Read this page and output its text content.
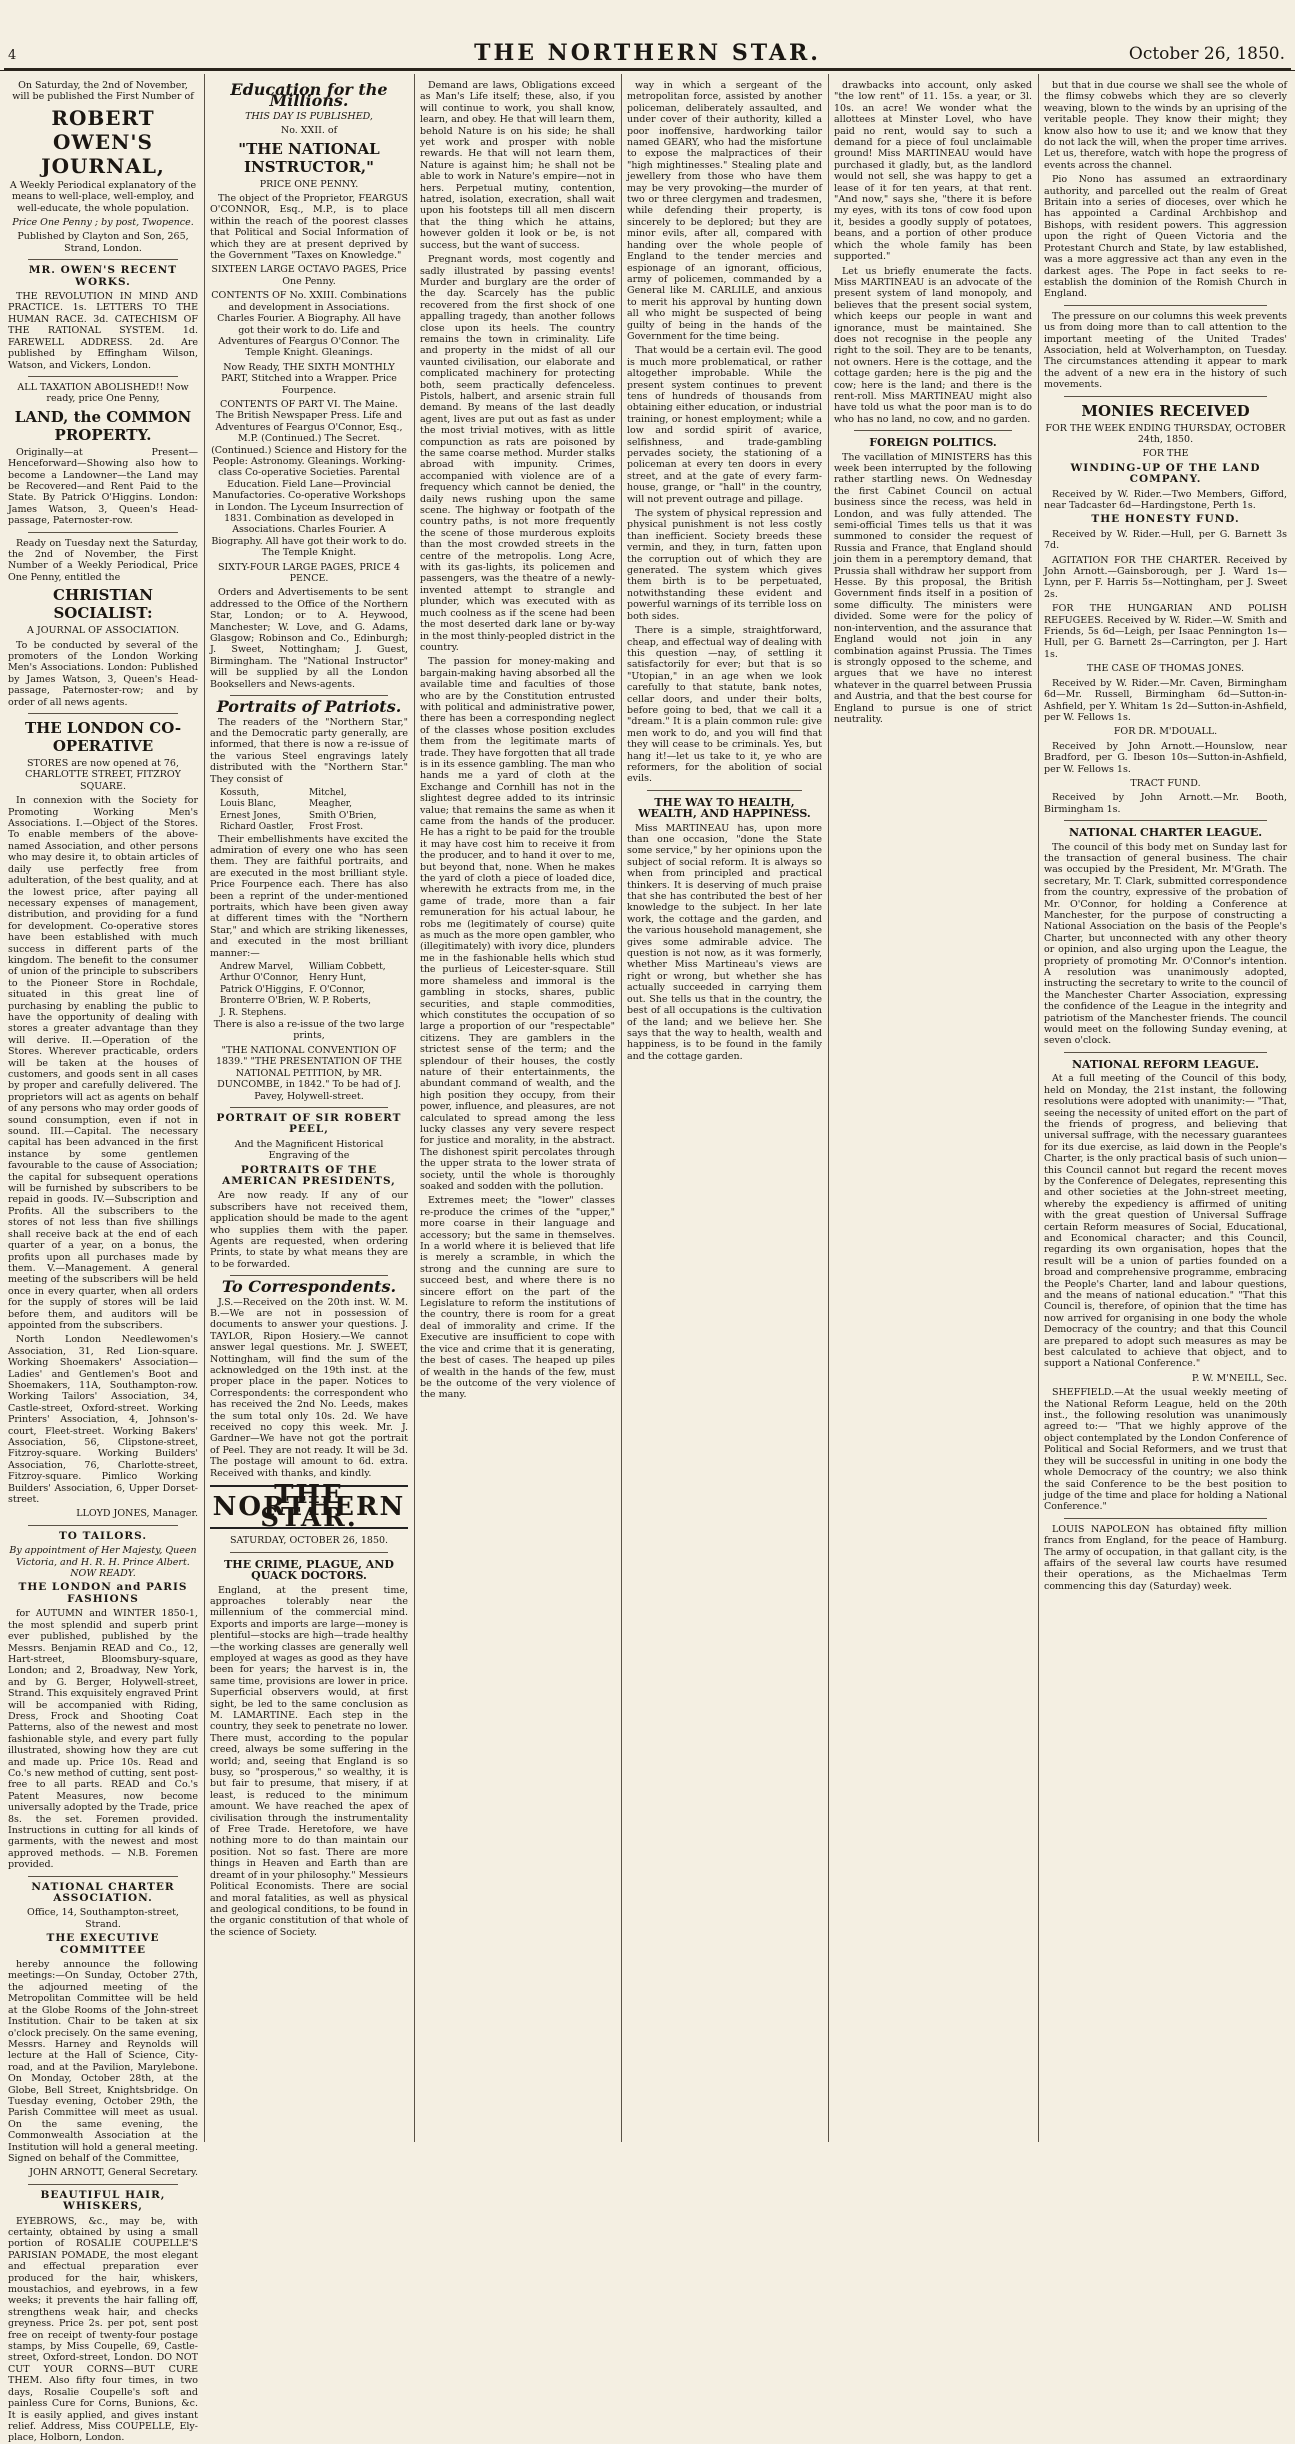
4	THE NORTHERN STAR.	October 26, 1850.

On Saturday, the 2nd of November, will be published the First Number of

ROBERT OWEN'S JOURNAL,

A Weekly Periodical explanatory of the means to well-place, well-employ, and well-educate, the whole population.

Price One Penny ; by post, Twopence.

Published by Clayton and Son, 265, Strand, London.

MR. OWEN'S RECENT WORKS.

THE REVOLUTION IN MIND AND PRACTICE. 1s. LETTERS TO THE HUMAN RACE. 3d. CATECHISM OF THE RATIONAL SYSTEM. 1d. FAREWELL ADDRESS. 2d. Are published by Effingham Wilson, Watson, and Vickers, London.

ALL TAXATION ABOLISHED!! Now ready, price One Penny,

LAND, the COMMON PROPERTY.

Originally—at Present—Henceforward—Showing also how to become a Landowner—the Land may be Recovered—and Rent Paid to the State. By Patrick O'Higgins. London: James Watson, 3, Queen's Head-passage, Paternoster-row.

Ready on Tuesday next the Saturday, the 2nd of November, the First Number of a Weekly Periodical, Price One Penny, entitled the

CHRISTIAN SOCIALIST:

A JOURNAL OF ASSOCIATION.

To be conducted by several of the promoters of the London Working Men's Associations. London: Published by James Watson, 3, Queen's Head-passage, Paternoster-row; and by order of all news agents.

THE LONDON CO-OPERATIVE

STORES are now opened at 76, CHARLOTTE STREET, FITZROY SQUARE.

In connexion with the Society for Promoting Working Men's Associations. I.—Object of the Stores. To enable members of the above-named Association, and other persons who may desire it, to obtain articles of daily use perfectly free from adulteration, of the best quality, and at the lowest price, after paying all necessary expenses of management, distribution, and providing for a fund for development. Co-operative stores have been established with much success in different parts of the kingdom. The benefit to the consumer of union of the principle to subscribers to the Pioneer Store in Rochdale, situated in this great line of purchasing by enabling the public to have the opportunity of dealing with stores a greater advantage than they will derive. II.—Operation of the Stores. Wherever practicable, orders will be taken at the houses of customers, and goods sent in all cases by proper and carefully delivered. The proprietors will act as agents on behalf of any persons who may order goods of sound consumption, even if not in sound. III.—Capital. The necessary capital has been advanced in the first instance by some gentlemen favourable to the cause of Association; the capital for subsequent operations will be furnished by subscribers to be repaid in goods. IV.—Subscription and Profits. All the subscribers to the stores of not less than five shillings shall receive back at the end of each quarter of a year, on a bonus, the profits upon all purchases made by them. V.—Management. A general meeting of the subscribers will be held once in every quarter, when all orders for the supply of stores will be laid before them, and auditors will be appointed from the subscribers.

North London Needlewomen's Association, 31, Red Lion-square. Working Shoemakers' Association—Ladies' and Gentlemen's Boot and Shoemakers, 11A, Southampton-row. Working Tailors' Association, 34, Castle-street, Oxford-street. Working Printers' Association, 4, Johnson's-court, Fleet-street. Working Bakers' Association, 56, Clipstone-street, Fitzroy-square. Working Builders' Association, 76, Charlotte-street, Fitzroy-square. Pimlico Working Builders' Association, 6, Upper Dorset-street.

LLOYD JONES, Manager.

TO TAILORS.

By appointment of Her Majesty, Queen Victoria, and H. R. H. Prince Albert. NOW READY.

THE LONDON and PARIS FASHIONS

for AUTUMN and WINTER 1850-1, the most splendid and superb print ever published, published by the Messrs. Benjamin READ and Co., 12, Hart-street, Bloomsbury-square, London; and 2, Broadway, New York, and by G. Berger, Holywell-street, Strand. This exquisitely engraved Print will be accompanied with Riding, Dress, Frock and Shooting Coat Patterns, also of the newest and most fashionable style, and every part fully illustrated, showing how they are cut and made up. Price 10s. Read and Co.'s new method of cutting, sent post-free to all parts. READ and Co.'s Patent Measures, now become universally adopted by the Trade, price 8s. the set. Foremen provided. Instructions in cutting for all kinds of garments, with the newest and most approved methods. — N.B. Foremen provided.

NATIONAL CHARTER ASSOCIATION.

Office, 14, Southampton-street, Strand.

THE EXECUTIVE COMMITTEE

hereby announce the following meetings:—On Sunday, October 27th, the adjourned meeting of the Metropolitan Committee will be held at the Globe Rooms of the John-street Institution. Chair to be taken at six o'clock precisely. On the same evening, Messrs. Harney and Reynolds will lecture at the Hall of Science, City-road, and at the Pavilion, Marylebone. On Monday, October 28th, at the Globe, Bell Street, Knightsbridge. On Tuesday evening, October 29th, the Parish Committee will meet as usual. On the same evening, the Commonwealth Association at the Institution will hold a general meeting. Signed on behalf of the Committee,

JOHN ARNOTT, General Secretary.

BEAUTIFUL HAIR, WHISKERS,

EYEBROWS, &c., may be, with certainty, obtained by using a small portion of ROSALIE COUPELLE'S PARISIAN POMADE, the most elegant and effectual preparation ever produced for the hair, whiskers, moustachios, and eyebrows, in a few weeks; it prevents the hair falling off, strengthens weak hair, and checks greyness. Price 2s. per pot, sent post free on receipt of twenty-four postage stamps, by Miss Coupelle, 69, Castle-street, Oxford-street, London. DO NOT CUT YOUR CORNS—BUT CURE THEM. Also fifty four times, in two days, Rosalie Coupelle's soft and painless Cure for Corns, Bunions, &c. It is easily applied, and gives instant relief. Address, Miss COUPELLE, Ely-place, Holborn, London.

Education for the Millions.

THIS DAY IS PUBLISHED,

No. XXII. of

"THE NATIONAL INSTRUCTOR,"

PRICE ONE PENNY.

The object of the Proprietor, FEARGUS O'CONNOR, Esq., M.P., is to place within the reach of the poorest classes that Political and Social Information of which they are at present deprived by the Government "Taxes on Knowledge."

SIXTEEN LARGE OCTAVO PAGES, Price One Penny.

CONTENTS OF No. XXIII. Combinations and development in Associations. Charles Fourier. A Biography. All have got their work to do. Life and Adventures of Feargus O'Connor. The Temple Knight. Gleanings.

Now Ready, THE SIXTH MONTHLY PART, Stitched into a Wrapper. Price Fourpence.

CONTENTS OF PART VI. The Maine. The British Newspaper Press. Life and Adventures of Feargus O'Connor, Esq., M.P. (Continued.) The Secret. (Continued.) Science and History for the People: Astronomy. Gleanings. Working-class Co-operative Societies. Parental Education. Field Lane—Provincial Manufactories. Co-operative Workshops in London. The Lyceum Insurrection of 1831. Combination as developed in Associations. Charles Fourier. A Biography. All have got their work to do. The Temple Knight.

SIXTY-FOUR LARGE PAGES, PRICE 4 PENCE.

Orders and Advertisements to be sent addressed to the Office of the Northern Star, London; or to A. Heywood, Manchester; W. Love, and G. Adams, Glasgow; Robinson and Co., Edinburgh; J. Sweet, Nottingham; J. Guest, Birmingham. The "National Instructor" will be supplied by all the London Booksellers and News-agents.

Portraits of Patriots.

The readers of the "Northern Star," and the Democratic party generally, are informed, that there is now a re-issue of the various Steel engravings lately distributed with the "Northern Star." They consist of

Kossuth,	Mitchel,
Louis Blanc,	Meagher,
Ernest Jones,	Smith O'Brien,
Richard Oastler,	Frost Frost.

Their embellishments have excited the admiration of every one who has seen them. They are faithful portraits, and are executed in the most brilliant style. Price Fourpence each. There has also been a reprint of the under-mentioned portraits, which have been given away at different times with the "Northern Star," and which are striking likenesses, and executed in the most brilliant manner:—

Andrew Marvel,	William Cobbett,
Arthur O'Connor,	Henry Hunt,
Patrick O'Higgins, F. O'Connor,
Bronterre O'Brien, W. P. Roberts,
J. R. Stephens.

There is also a re-issue of the two large prints,

"THE NATIONAL CONVENTION OF 1839." "THE PRESENTATION OF THE NATIONAL PETITION, by MR. DUNCOMBE, in 1842." To be had of J. Pavey, Holywell-street.

PORTRAIT OF SIR ROBERT PEEL,

And the Magnificent Historical Engraving of the

PORTRAITS OF THE AMERICAN PRESIDENTS,

Are now ready. If any of our subscribers have not received them, application should be made to the agent who supplies them with the paper. Agents are requested, when ordering Prints, to state by what means they are to be forwarded.

To Correspondents.

J.S.—Received on the 20th inst. W. M. B.—We are not in possession of documents to answer your questions. J. TAYLOR, Ripon Hosiery.—We cannot answer legal questions. Mr. J. SWEET, Nottingham, will find the sum of the acknowledged on the 19th inst. at the proper place in the paper. Notices to Correspondents: the correspondent who has received the 2nd No. Leeds, makes the sum total only 10s. 2d. We have received no copy this week. Mr. J. Gardner—We have not got the portrait of Peel. They are not ready. It will be 3d. The postage will amount to 6d. extra. Received with thanks, and kindly.

THE NORTHERN STAR.

SATURDAY, OCTOBER 26, 1850.

THE CRIME, PLAGUE, AND QUACK DOCTORS.

England, at the present time, approaches tolerably near the millennium of the commercial mind. Exports and imports are large—money is plentiful—stocks are high—trade healthy—the working classes are generally well employed at wages as good as they have been for years; the harvest is in, the same time, provisions are lower in price. Superficial observers would, at first sight, be led to the same conclusion as M. LAMARTINE. Each step in the country, they seek to penetrate no lower. There must, according to the popular creed, always be some suffering in the world; and, seeing that England is so busy, so "prosperous," so wealthy, it is but fair to presume, that misery, if at least, is reduced to the minimum amount. We have reached the apex of civilisation through the instrumentality of Free Trade. Heretofore, we have nothing more to do than maintain our position. Not so fast. There are more things in Heaven and Earth than are dreamt of in your philosophy." Messieurs Political Economists. There are social and moral fatalities, as well as physical and geological conditions, to be found in the organic constitution of that whole of the science of Society.

Demand are laws, Obligations exceed as Man's Life itself; these, also, if you will continue to work, you shall know, learn, and obey. He that will learn them, behold Nature is on his side; he shall yet work and prosper with noble rewards. He that will not learn them, Nature is against him; he shall not be able to work in Nature's empire—not in hers. Perpetual mutiny, contention, hatred, isolation, execration, shall wait upon his footsteps till all men discern that the thing which he attains, however golden it look or be, is not success, but the want of success.

Pregnant words, most cogently and sadly illustrated by passing events! Murder and burglary are the order of the day. Scarcely has the public recovered from the first shock of one appalling tragedy, than another follows close upon its heels. The country remains the town in criminality. Life and property in the midst of all our vaunted civilisation, our elaborate and complicated machinery for protecting both, seem practically defenceless. Pistols, halbert, and arsenic strain full demand. By means of the last deadly agent, lives are put out as fast as under the most trivial motives, with as little compunction as rats are poisoned by the same coarse method. Murder stalks abroad with impunity. Crimes, accompanied with violence are of a frequency which cannot be denied, the daily news rushing upon the same scene. The highway or footpath of the country paths, is not more frequently the scene of those murderous exploits than the most crowded streets in the centre of the metropolis. Long Acre, with its gas-lights, its policemen and passengers, was the theatre of a newly-invented attempt to strangle and plunder, which was executed with as much coolness as if the scene had been the most deserted dark lane or by-way in the most thinly-peopled district in the country.

The passion for money-making and bargain-making having absorbed all the available time and faculties of those who are by the Constitution entrusted with political and administrative power, there has been a corresponding neglect of the classes whose position excludes them from the legitimate marts of trade. They have forgotten that all trade is in its essence gambling. The man who hands me a yard of cloth at the Exchange and Cornhill has not in the slightest degree added to its intrinsic value; that remains the same as when it came from the hands of the producer. He has a right to be paid for the trouble it may have cost him to receive it from the producer, and to hand it over to me, but beyond that, none. When he makes the yard of cloth a piece of loaded dice, wherewith he extracts from me, in the game of trade, more than a fair remuneration for his actual labour, he robs me (legitimately of course) quite as much as the more open gambler, who (illegitimately) with ivory dice, plunders me in the fashionable hells which stud the purlieus of Leicester-square. Still more shameless and immoral is the gambling in stocks, shares, public securities, and staple commodities, which constitutes the occupation of so large a proportion of our "respectable" citizens. They are gamblers in the strictest sense of the term; and the splendour of their houses, the costly nature of their entertainments, the abundant command of wealth, and the high position they occupy, from their power, influence, and pleasures, are not calculated to spread among the less lucky classes any very severe respect for justice and morality, in the abstract. The dishonest spirit percolates through the upper strata to the lower strata of society, until the whole is thoroughly soaked and sodden with the pollution.

Extremes meet; the "lower" classes re-produce the crimes of the "upper," more coarse in their language and accessory; but the same in themselves. In a world where it is believed that life is merely a scramble, in which the strong and the cunning are sure to succeed best, and where there is no sincere effort on the part of the Legislature to reform the institutions of the country, there is room for a great deal of immorality and crime. If the Executive are insufficient to cope with the vice and crime that it is generating, the best of cases. The heaped up piles of wealth in the hands of the few, must be the outcome of the very violence of the many.

way in which a sergeant of the metropolitan force, assisted by another policeman, deliberately assaulted, and under cover of their authority, killed a poor inoffensive, hardworking tailor named GEARY, who had the misfortune to expose the malpractices of their "high mightinesses." Stealing plate and jewellery from those who have them may be very provoking—the murder of two or three clergymen and tradesmen, while defending their property, is sincerely to be deplored; but they are minor evils, after all, compared with handing over the whole people of England to the tender mercies and espionage of an ignorant, officious, army of policemen, commanded by a General like M. CARLILE, and anxious to merit his approval by hunting down all who might be suspected of being guilty of being in the hands of the Government for the time being.

That would be a certain evil. The good is much more problematical, or rather altogether improbable. While the present system continues to prevent tens of hundreds of thousands from obtaining either education, or industrial training, or honest employment; while a low and sordid spirit of avarice, selfishness, and trade-gambling pervades society, the stationing of a policeman at every ten doors in every street, and at the gate of every farm-house, grange, or "hall" in the country, will not prevent outrage and pillage.

The system of physical repression and physical punishment is not less costly than inefficient. Society breeds these vermin, and they, in turn, fatten upon the corruption out of which they are generated. The system which gives them birth is to be perpetuated, notwithstanding these evident and powerful warnings of its terrible loss on both sides.

There is a simple, straightforward, cheap, and effectual way of dealing with this question —nay, of settling it satisfactorily for ever; but that is so "Utopian," in an age when we look carefully to that statute, bank notes, cellar doors, and under their bolts, before going to bed, that we call it a "dream." It is a plain common rule: give men work to do, and you will find that they will cease to be criminals. Yes, but hang it!—let us take to it, ye who are reformers, for the abolition of social evils.

THE WAY TO HEALTH, WEALTH, AND HAPPINESS.

Miss MARTINEAU has, upon more than one occasion, "done the State some service," by her opinions upon the subject of social reform. It is always so when from principled and practical thinkers. It is deserving of much praise that she has contributed the best of her knowledge to the subject. In her late work, the cottage and the garden, and the various household management, she gives some admirable advice. The question is not now, as it was formerly, whether Miss Martineau's views are right or wrong, but whether she has actually succeeded in carrying them out. She tells us that in the country, the best of all occupations is the cultivation of the land; and we believe her. She says that the way to health, wealth and happiness, is to be found in the family and the cottage garden.

drawbacks into account, only asked "the low rent" of 11. 15s. a year, or 3l. 10s. an acre! We wonder what the allottees at Minster Lovel, who have paid no rent, would say to such a demand for a piece of foul unclaimable ground! Miss MARTINEAU would have purchased it gladly, but, as the landlord would not sell, she was happy to get a lease of it for ten years, at that rent. "And now," says she, "there it is before my eyes, with its tons of cow food upon it, besides a goodly supply of potatoes, beans, and a portion of other produce which the whole family has been supported."

Let us briefly enumerate the facts. Miss MARTINEAU is an advocate of the present system of land monopoly, and believes that the present social system, which keeps our people in want and ignorance, must be maintained. She does not recognise in the people any right to the soil. They are to be tenants, not owners. Here is the cottage, and the cottage garden; here is the pig and the cow; here is the land; and there is the rent-roll. Miss MARTINEAU might also have told us what the poor man is to do who has no land, no cow, and no garden.

FOREIGN POLITICS.

The vacillation of MINISTERS has this week been interrupted by the following rather startling news. On Wednesday the first Cabinet Council on actual business since the recess, was held in London, and was fully attended. The semi-official Times tells us that it was summoned to consider the request of Russia and France, that England should join them in a peremptory demand, that Prussia shall withdraw her support from Hesse. By this proposal, the British Government finds itself in a position of some difficulty. The ministers were divided. Some were for the policy of non-intervention, and the assurance that England would not join in any combination against Prussia. The Times is strongly opposed to the scheme, and argues that we have no interest whatever in the quarrel between Prussia and Austria, and that the best course for England to pursue is one of strict neutrality.

but that in due course we shall see the whole of the flimsy cobwebs which they are so cleverly weaving, blown to the winds by an uprising of the veritable people. They know their might; they know also how to use it; and we know that they do not lack the will, when the proper time arrives. Let us, therefore, watch with hope the progress of events across the channel.

Pio Nono has assumed an extraordinary authority, and parcelled out the realm of Great Britain into a series of dioceses, over which he has appointed a Cardinal Archbishop and Bishops, with resident powers. This aggression upon the right of Queen Victoria and the Protestant Church and State, by law established, was a more aggressive act than any even in the darkest ages. The Pope in fact seeks to re-establish the dominion of the Romish Church in England.

The pressure on our columns this week prevents us from doing more than to call attention to the important meeting of the United Trades' Association, held at Wolverhampton, on Tuesday. The circumstances attending it appear to mark the advent of a new era in the history of such movements.

MONIES RECEIVED

FOR THE WEEK ENDING THURSDAY, OCTOBER 24th, 1850.

FOR THE

WINDING-UP OF THE LAND COMPANY.

Received by W. Rider.—Two Members, Gifford, near Tadcaster 6d—Hardingstone, Perth 1s.

THE HONESTY FUND.

Received by W. Rider.—Hull, per G. Barnett 3s 7d.

AGITATION FOR THE CHARTER. Received by John Arnott.—Gainsborough, per J. Ward 1s—Lynn, per F. Harris 5s—Nottingham, per J. Sweet 2s.

FOR THE HUNGARIAN AND POLISH REFUGEES. Received by W. Rider.—W. Smith and Friends, 5s 6d—Leigh, per Isaac Pennington 1s—Hull, per G. Barnett 2s—Carrington, per J. Hart 1s.

THE CASE OF THOMAS JONES.

Received by W. Rider.—Mr. Caven, Birmingham 6d—Mr. Russell, Birmingham 6d—Sutton-in-Ashfield, per Y. Whitam 1s 2d—Sutton-in-Ashfield, per W. Fellows 1s.

FOR DR. M'DOUALL.

Received by John Arnott.—Hounslow, near Bradford, per G. Ibeson 10s—Sutton-in-Ashfield, per W. Fellows 1s.

TRACT FUND.

Received by John Arnott.—Mr. Booth, Birmingham 1s.

NATIONAL CHARTER LEAGUE.

The council of this body met on Sunday last for the transaction of general business. The chair was occupied by the President, Mr. M'Grath. The secretary, Mr. T. Clark, submitted correspondence from the country, expressive of the probation of Mr. O'Connor, for holding a Conference at Manchester, for the purpose of constructing a National Association on the basis of the People's Charter, but unconnected with any other theory or opinion, and also urging upon the League, the propriety of promoting Mr. O'Connor's intention. A resolution was unanimously adopted, instructing the secretary to write to the council of the Manchester Charter Association, expressing the confidence of the League in the integrity and patriotism of the Manchester friends. The council would meet on the following Sunday evening, at seven o'clock.

NATIONAL REFORM LEAGUE.

At a full meeting of the Council of this body, held on Monday, the 21st instant, the following resolutions were adopted with unanimity:— "That, seeing the necessity of united effort on the part of the friends of progress, and believing that universal suffrage, with the necessary guarantees for its due exercise, as laid down in the People's Charter, is the only practical basis of such union—this Council cannot but regard the recent moves by the Conference of Delegates, representing this and other societies at the John-street meeting, whereby the expediency is affirmed of uniting with the great question of Universal Suffrage certain Reform measures of Social, Educational, and Economical character; and this Council, regarding its own organisation, hopes that the result will be a union of parties founded on a broad and comprehensive programme, embracing the People's Charter, land and labour questions, and the means of national education." "That this Council is, therefore, of opinion that the time has now arrived for organising in one body the whole Democracy of the country; and that this Council are prepared to adopt such measures as may be best calculated to achieve that object, and to support a National Conference."

P. W. M'NEILL, Sec.

SHEFFIELD.—At the usual weekly meeting of the National Reform League, held on the 20th inst., the following resolution was unanimously agreed to:— "That we highly approve of the object contemplated by the London Conference of Political and Social Reformers, and we trust that they will be successful in uniting in one body the whole Democracy of the country; we also think the said Conference to be the best position to judge of the time and place for holding a National Conference."

LOUIS NAPOLEON has obtained fifty million francs from England, for the peace of Hamburg. The army of occupation, in that gallant city, is the affairs of the several law courts have resumed their operations, as the Michaelmas Term commencing this day (Saturday) week.
